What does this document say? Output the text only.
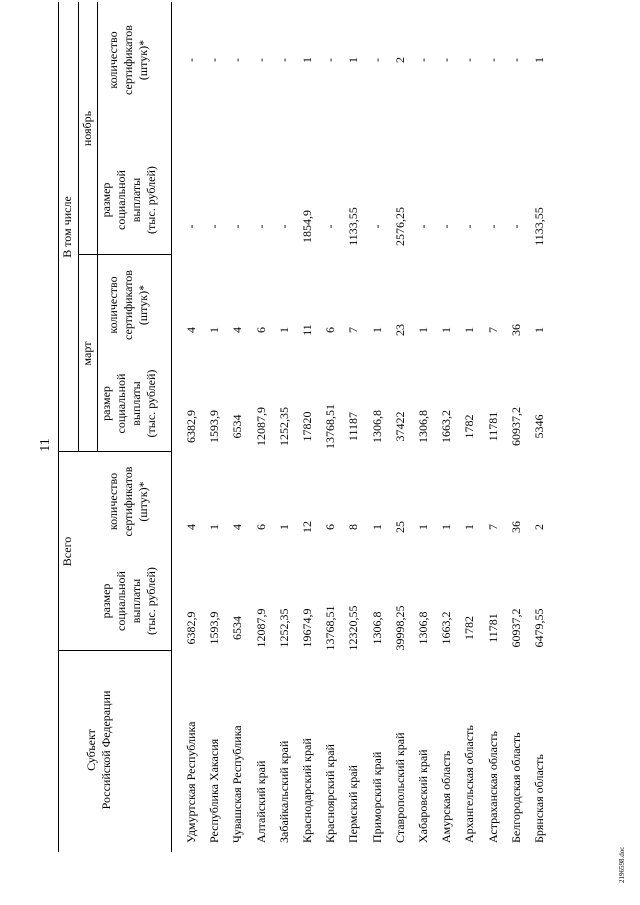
11
Субъект
Российской Федерации
Всего
В том числе
март
ноябрь
размер
социальной
выплаты
(тыс. рублей)
количество
сертификатов
(штук)*
размер
социальной
выплаты
(тыс. рублей)
количество
сертификатов
(штук)*
размер
социальной
выплаты
(тыс. рублей)
количество
сертификатов
(штук)*
Удмуртская Республика
6382,9
4
6382,9
4
-
-
Республика Хакасия
1593,9
1
1593,9
1
-
-
Чувашская Республика
6534
4
6534
4
-
-
Алтайский край
12087,9
6
12087,9
6
-
-
Забайкальский край
1252,35
1
1252,35
1
-
-
Краснодарский край
19674,9
12
17820
11
1854,9
1
Красноярский край
13768,51
6
13768,51
6
-
-
Пермский край
12320,55
8
11187
7
1133,55
1
Приморский край
1306,8
1
1306,8
1
-
-
Ставропольский край
39998,25
25
37422
23
2576,25
2
Хабаровский край
1306,8
1
1306,8
1
-
-
Амурская область
1663,2
1
1663,2
1
-
-
Архангельская область
1782
1
1782
1
-
-
Астраханская область
11781
7
11781
7
-
-
Белгородская область
60937,2
36
60937,2
36
-
-
Брянская область
6479,55
2
5346
1
1133,55
1
2196598.doc
